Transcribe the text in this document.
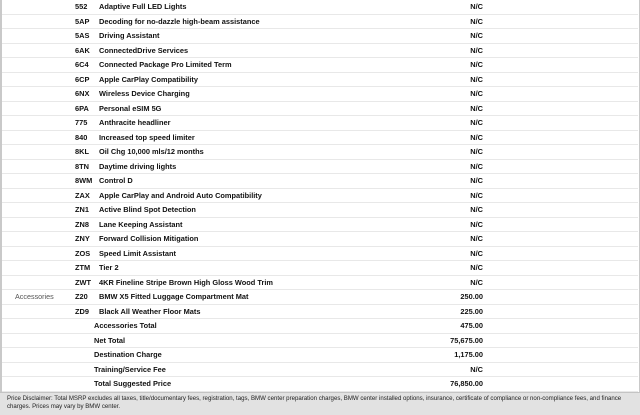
552 Adaptive Full LED Lights	N/C
5AP Decoding for no-dazzle high-beam assistance	N/C
5AS Driving Assistant	N/C
6AK ConnectedDrive Services	N/C
6C4 Connected Package Pro Limited Term	N/C
6CP Apple CarPlay Compatibility	N/C
6NX Wireless Device Charging	N/C
6PA Personal eSIM 5G	N/C
775 Anthracite headliner	N/C
840 Increased top speed limiter	N/C
8KL Oil Chg 10,000 mls/12 months	N/C
8TN Daytime driving lights	N/C
8WM Control D	N/C
ZAX Apple CarPlay and Android Auto Compatibility	N/C
ZN1 Active Blind Spot Detection	N/C
ZN8 Lane Keeping Assistant	N/C
ZNY Forward Collision Mitigation	N/C
ZOS Speed Limit Assistant	N/C
ZTM Tier 2	N/C
ZWT 4KR Fineline Stripe Brown High Gloss Wood Trim	N/C
Accessories	Z20 BMW X5 Fitted Luggage Compartment Mat	250.00
ZD9 Black All Weather Floor Mats	225.00
Accessories Total	475.00
Net Total	75,675.00
Destination Charge	1,175.00
Training/Service Fee	N/C
Total Suggested Price	76,850.00
Price Disclaimer: Total MSRP excludes all taxes, title/documentary fees, registration, tags, BMW center preparation charges, BMW center installed options, insurance, certificate of compliance or non-compliance fees, and finance charges. Prices may vary by BMW center.
